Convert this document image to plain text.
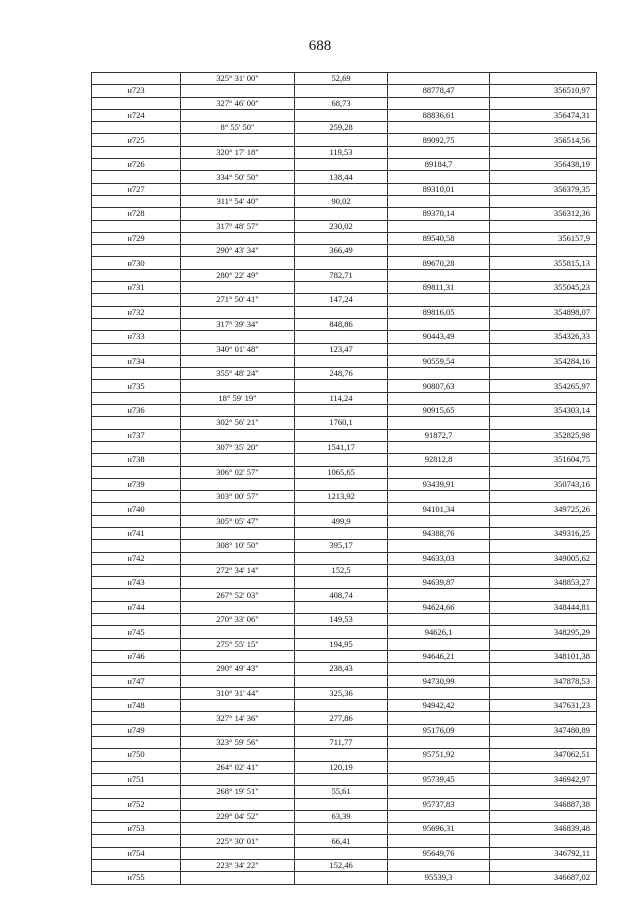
688
	325° 31' 00"	52,69		
н723			88778,47	356510,97
	327° 46' 00"	68,73		
н724			88836,61	356474,31
	8° 55' 50"	259,28		
н725			89092,75	356514,56
	320° 17' 18"	119,53		
н726			89184,7	356438,19
	334° 50' 50"	138,44		
н727			89310,01	356379,35
	311° 54' 40"	90,02		
н728			89370,14	356312,36
	317° 48' 57"	230,02		
н729			89540,58	356157,9
	290° 43' 34"	366,49		
н730			89670,28	355815,13
	280° 22' 49"	782,71		
н731			89811,31	355045,23
	271° 50' 41"	147,24		
н732			89816,05	354898,07
	317° 39' 34"	848,86		
н733			90443,49	354326,33
	340° 01' 48"	123,47		
н734			90559,54	354284,16
	355° 48' 24"	248,76		
н735			90807,63	354265,97
	18° 59' 19"	114,24		
н736			90915,65	354303,14
	302° 56' 21"	1760,1		
н737			91872,7	352825,98
	307° 35' 20"	1541,17		
н738			92812,8	351604,75
	306° 02' 57"	1065,65		
н739			93439,91	350743,16
	303° 00' 57"	1213,92		
н740			94101,34	349725,26
	305° 05' 47"	499,9		
н741			94388,76	349316,25
	308° 10' 50"	395,17		
н742			94633,03	349005,62
	272° 34' 14"	152,5		
н743			94639,87	348853,27
	267° 52' 03"	408,74		
н744			94624,66	348444,81
	270° 33' 06"	149,53		
н745			94626,1	348295,29
	275° 55' 15"	194,95		
н746			94646,21	348101,38
	290° 49' 43"	238,43		
н747			94730,99	347878,53
	310° 31' 44"	325,36		
н748			94942,42	347631,23
	327° 14' 36"	277,86		
н749			95176,09	347480,89
	323° 59' 56"	711,77		
н750			95751,92	347062,51
	264° 02' 41"	120,19		
н751			95739,45	346942,97
	268° 19' 51"	55,61		
н752			95737,83	346887,38
	229° 04' 52"	63,39		
н753			95696,31	346839,48
	225° 30' 01"	66,41		
н754			95649,76	346792,11
	223° 34' 22"	152,46		
н755			95539,3	346687,02
